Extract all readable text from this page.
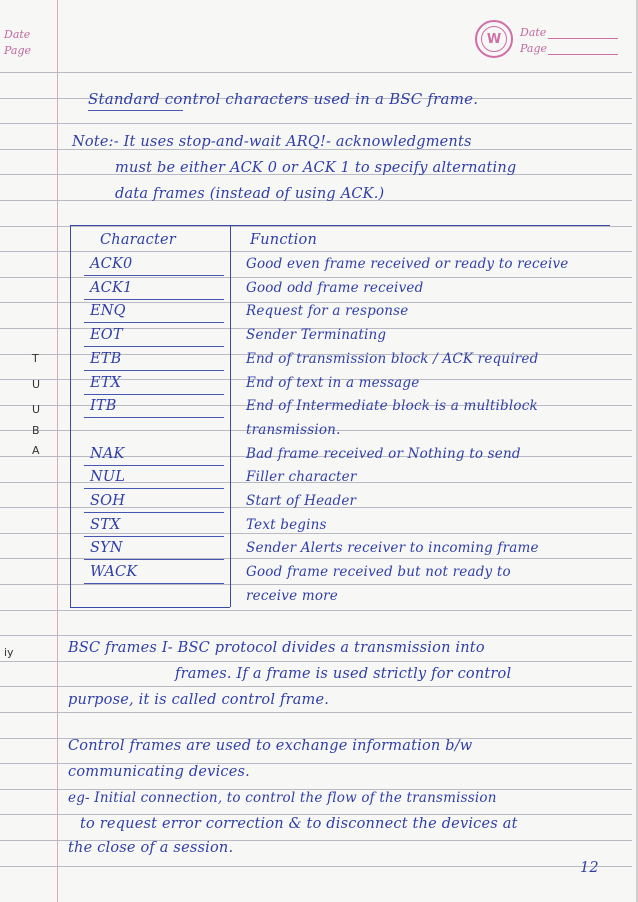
Date
Page
W	Date
Page
Standard control characters used in a BSC frame.
Note:- It uses stop-and-wait ARQ!- acknowledgments
must be either ACK 0 or ACK 1 to specify alternating
data frames (instead of using ACK.)
Character	Function
ACK0	Good even frame received or ready to receive
ACK1	Good odd frame received
ENQ	Request for a response
EOT	Sender Terminating
ETB	End of transmission block / ACK required
ETX	End of text in a message
ITB	End of Intermediate block is a multiblock
transmission.
NAK	Bad frame received or Nothing to send
NUL	Filler character
SOH	Start of Header
STX	Text begins
SYN	Sender Alerts receiver to incoming frame
WACK	Good frame received but not ready to
receive more
T
U
U
B
A
iy	BSC frames I- BSC protocol divides a transmission into
frames. If a frame is used strictly for control
purpose, it is called control frame.
Control frames are used to exchange information b/w
communicating devices.
eg- Initial connection, to control the flow of the transmission
to request error correction & to disconnect the devices at
the close of a session.
12
